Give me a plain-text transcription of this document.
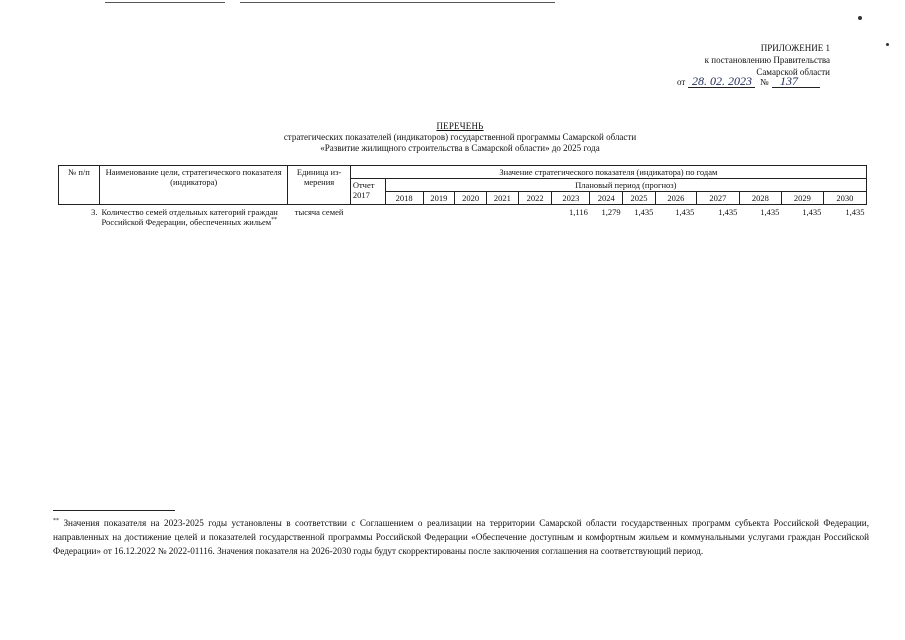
ПРИЛОЖЕНИЕ 1
к постановлению Правительства
Самарской области
от 28. 02. 2023 № 137
ПЕРЕЧЕНЬ
стратегических показателей (индикаторов) государственной программы Самарской области
«Развитие жилищного строительства в Самарской области» до 2025 года
№ п/п	Наименование цели, стратегического показателя (индикатора)	Единица из- мерения	Значение стратегического показателя (индикатора) по годам													
			Отчет 2017	Плановый период (прогноз)												
				2018	2019	2020	2021	2022	2023	2024	2025	2026	2027	2028	2029	2030
3.	Количество семей отдельных категорий граждан Российской Федерации, обеспеченных жильем**	тысяча семей							1,116	1,279	1,435	1,435	1,435	1,435	1,435	1,435
** Значения показателя на 2023-2025 годы установлены в соответствии с Соглашением о реализации на территории Самарской области государственных программ субъекта Российской Федерации, направленных на достижение целей и показателей государственной программы Российской Федерации «Обеспечение доступным и комфортным жильем и коммунальными услугами граждан Российской Федерации» от 16.12.2022 № 2022-01116. Значения показателя на 2026-2030 годы будут скорректированы после заключения соглашения на соответствующий период.
